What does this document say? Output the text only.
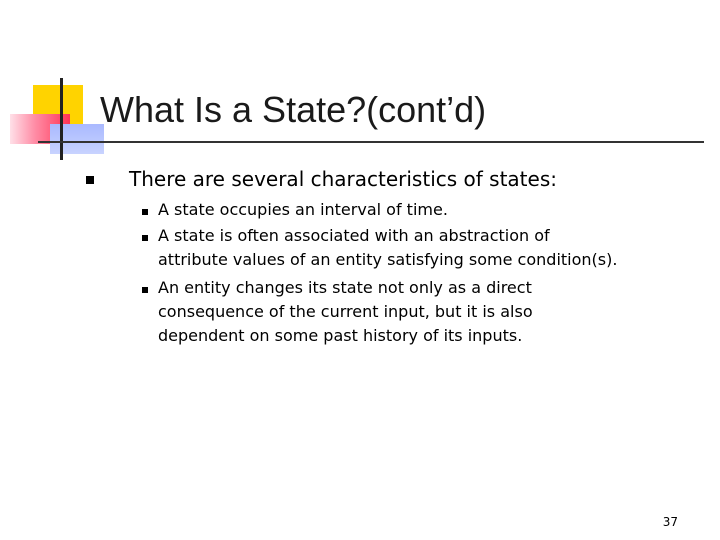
What Is a State?(cont’d)
There are several characteristics of states:
A state occupies an interval of time.
A state is often associated with an abstraction of
attribute values of an entity satisfying some condition(s).
An entity changes its state not only as a direct
consequence of the current input, but it is also
dependent on some past history of its inputs.
37
